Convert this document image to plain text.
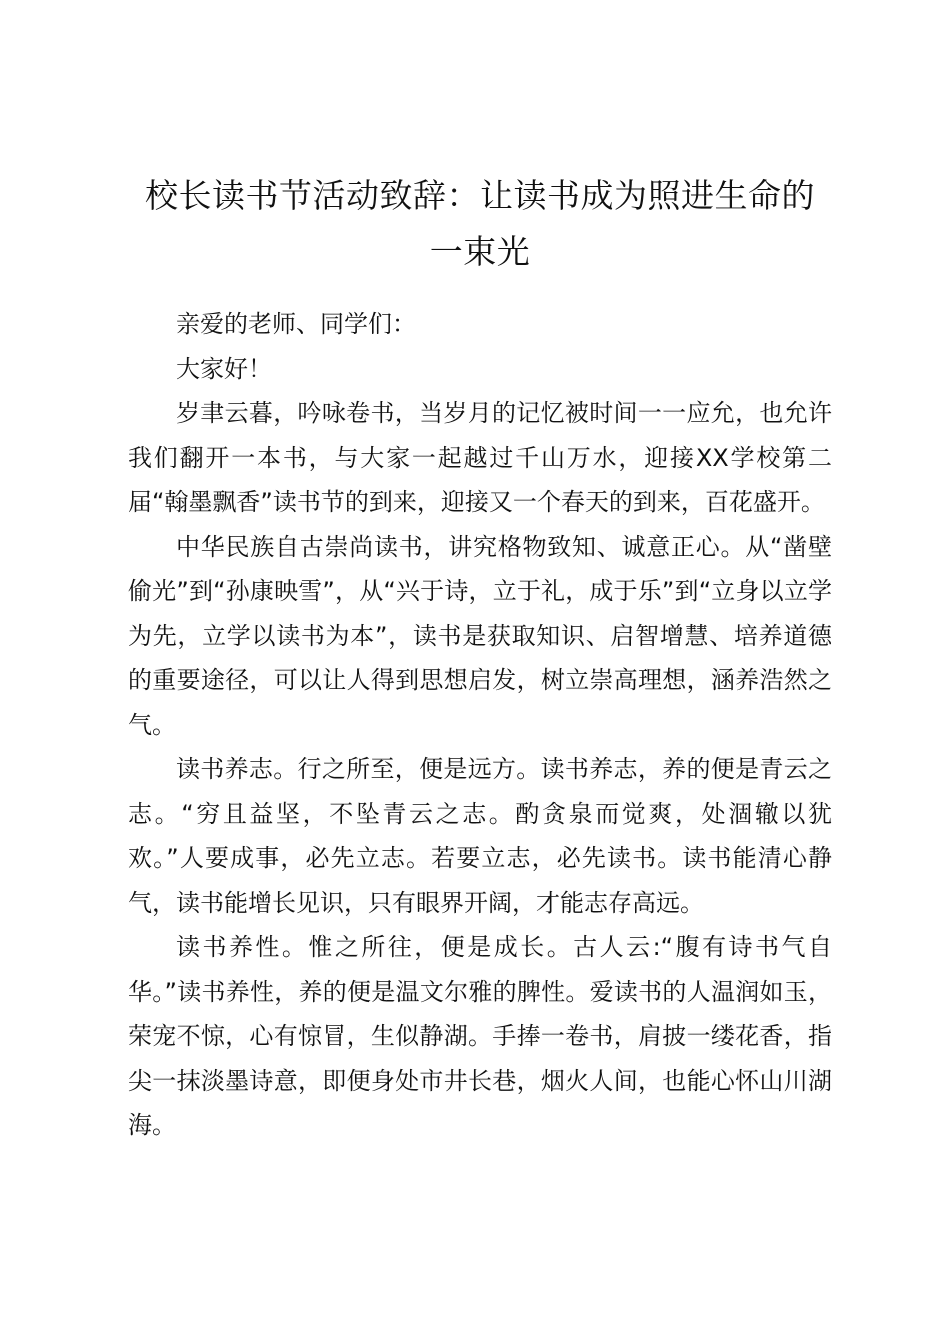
校长读书节活动致辞：让读书成为照进生命的
一束光

亲爱的老师、同学们：

大家好！

岁聿云暮，吟咏卷书，当岁月的记忆被时间一一应允，也允许我们翻开一本书，与大家一起越过千山万水，迎接XX学校第二届“翰墨飘香”读书节的到来，迎接又一个春天的到来，百花盛开。

中华民族自古崇尚读书，讲究格物致知、诚意正心。从“凿壁偷光”到“孙康映雪”，从“兴于诗，立于礼，成于乐”到“立身以立学为先，立学以读书为本”，读书是获取知识、启智增慧、培养道德的重要途径，可以让人得到思想启发，树立崇高理想，涵养浩然之气。

读书养志。行之所至，便是远方。读书养志，养的便是青云之志。“穷且益坚，不坠青云之志。酌贪泉而觉爽，处涸辙以犹欢。”人要成事，必先立志。若要立志，必先读书。读书能清心静气，读书能增长见识，只有眼界开阔，才能志存高远。

读书养性。惟之所往，便是成长。古人云:“腹有诗书气自华。”读书养性，养的便是温文尔雅的脾性。爱读书的人温润如玉，荣宠不惊，心有惊冒，生似静湖。手捧一卷书，肩披一缕花香，指尖一抹淡墨诗意，即便身处市井长巷，烟火人间，也能心怀山川湖海。
